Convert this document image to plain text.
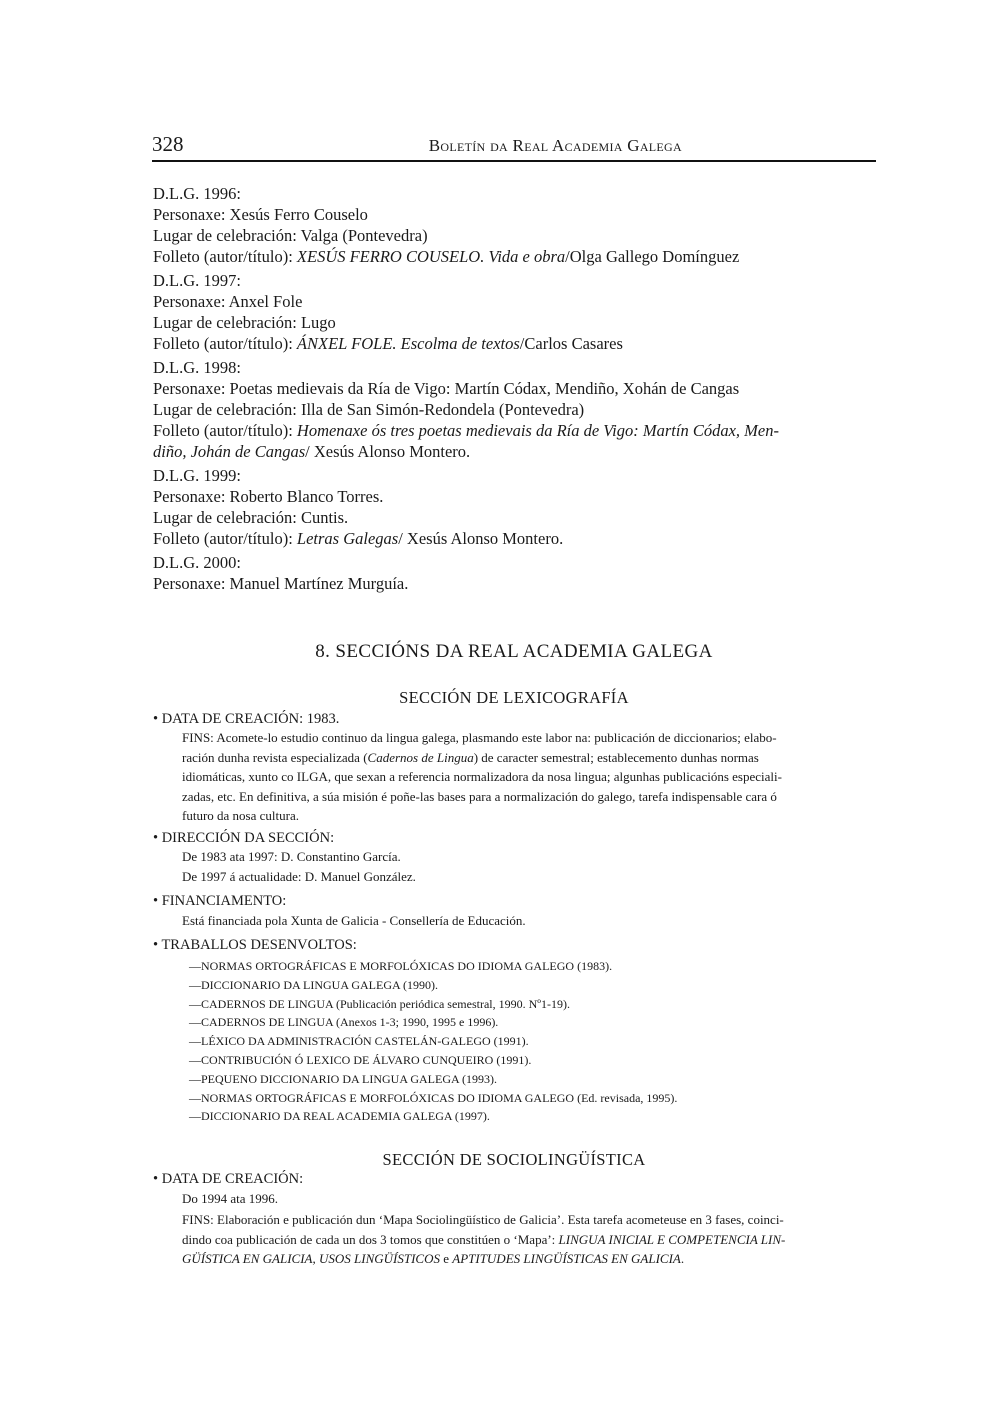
328	Boletín da Real Academia Galega
D.L.G. 1996:
Personaxe: Xesús Ferro Couselo
Lugar de celebración: Valga (Pontevedra)
Folleto (autor/título): XESÚS FERRO COUSELO. Vida e obra/Olga Gallego Domínguez
D.L.G. 1997:
Personaxe: Anxel Fole
Lugar de celebración: Lugo
Folleto (autor/título): ÁNXEL FOLE. Escolma de textos/Carlos Casares
D.L.G. 1998:
Personaxe: Poetas medievais da Ría de Vigo: Martín Códax, Mendiño, Xohán de Cangas
Lugar de celebración: Illa de San Simón-Redondela (Pontevedra)
Folleto (autor/título): Homenaxe ós tres poetas medievais da Ría de Vigo: Martín Códax, Men-
diño, Johán de Cangas/ Xesús Alonso Montero.
D.L.G. 1999:
Personaxe: Roberto Blanco Torres.
Lugar de celebración: Cuntis.
Folleto (autor/título): Letras Galegas/ Xesús Alonso Montero.
D.L.G. 2000:
Personaxe: Manuel Martínez Murguía.
8. SECCIÓNS DA REAL ACADEMIA GALEGA
SECCIÓN DE LEXICOGRAFÍA
• DATA DE CREACIÓN: 1983.
FINS: Acomete-lo estudio continuo da lingua galega, plasmando este labor na: publicación de diccionarios; elabo-
ración dunha revista especializada (Cadernos de Lingua) de caracter semestral; establecemento dunhas normas
idiomáticas, xunto co ILGA, que sexan a referencia normalizadora da nosa lingua; algunhas publicacións especiali-
zadas, etc. En definitiva, a súa misión é poñe-las bases para a normalización do galego, tarefa indispensable cara ó
futuro da nosa cultura.
• DIRECCIÓN DA SECCIÓN:
De 1983 ata 1997: D. Constantino García.
De 1997 á actualidade: D. Manuel González.
• FINANCIAMENTO:
Está financiada pola Xunta de Galicia - Consellería de Educación.
• TRABALLOS DESENVOLTOS:
—NORMAS ORTOGRÁFICAS E MORFOLÓXICAS DO IDIOMA GALEGO (1983).
—DICCIONARIO DA LINGUA GALEGA (1990).
—CADERNOS DE LINGUA (Publicación periódica semestral, 1990. Nº1-19).
—CADERNOS DE LINGUA (Anexos 1-3; 1990, 1995 e 1996).
—LÉXICO DA ADMINISTRACIÓN CASTELÁN-GALEGO (1991).
—CONTRIBUCIÓN Ó LEXICO DE ÁLVARO CUNQUEIRO (1991).
—PEQUENO DICCIONARIO DA LINGUA GALEGA (1993).
—NORMAS ORTOGRÁFICAS E MORFOLÓXICAS DO IDIOMA GALEGO (Ed. revisada, 1995).
—DICCIONARIO DA REAL ACADEMIA GALEGA (1997).
SECCIÓN DE SOCIOLINGÜÍSTICA
• DATA DE CREACIÓN:
Do 1994 ata 1996.
FINS: Elaboración e publicación dun ‘Mapa Sociolingüístico de Galicia’. Esta tarefa acometeuse en 3 fases, coinci-
dindo coa publicación de cada un dos 3 tomos que constitúen o ‘Mapa’: LINGUA INICIAL E COMPETENCIA LIN-
GÜÍSTICA EN GALICIA, USOS LINGÜÍSTICOS e APTITUDES LINGÜÍSTICAS EN GALICIA.
